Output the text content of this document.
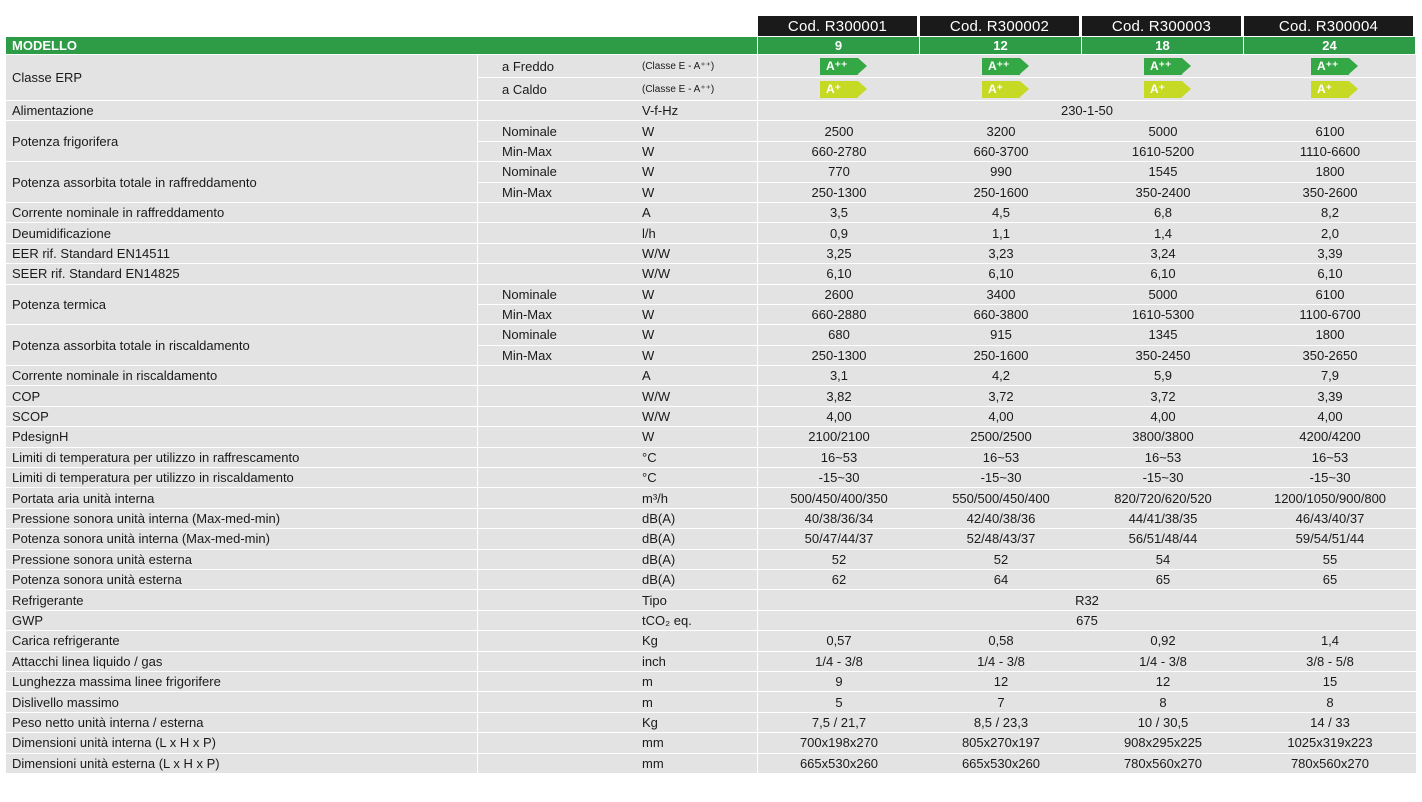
			Cod. R300001	Cod. R300002	Cod. R300003	Cod. R300004
MODELLO			9	12	18	24
Classe ERP	a Freddo	(Classe E - A⁺⁺)	A⁺⁺	A⁺⁺	A⁺⁺	A⁺⁺
	a Caldo	(Classe E - A⁺⁺)	A⁺	A⁺	A⁺	A⁺
Alimentazione		V-f-Hz	230-1-50			
Potenza frigorifera	Nominale	W	2500	3200	5000	6100
	Min-Max	W	660-2780	660-3700	1610-5200	1110-6600
Potenza assorbita totale in raffreddamento	Nominale	W	770	990	1545	1800
	Min-Max	W	250-1300	250-1600	350-2400	350-2600
Corrente nominale in raffreddamento		A	3,5	4,5	6,8	8,2
Deumidificazione		l/h	0,9	1,1	1,4	2,0
EER rif. Standard EN14511		W/W	3,25	3,23	3,24	3,39
SEER rif. Standard EN14825		W/W	6,10	6,10	6,10	6,10
Potenza termica	Nominale	W	2600	3400	5000	6100
	Min-Max	W	660-2880	660-3800	1610-5300	1100-6700
Potenza assorbita totale in riscaldamento	Nominale	W	680	915	1345	1800
	Min-Max	W	250-1300	250-1600	350-2450	350-2650
Corrente nominale in riscaldamento		A	3,1	4,2	5,9	7,9
COP		W/W	3,82	3,72	3,72	3,39
SCOP		W/W	4,00	4,00	4,00	4,00
PdesignH		W	2100/2100	2500/2500	3800/3800	4200/4200
Limiti di temperatura per utilizzo in raffrescamento		°C	16~53	16~53	16~53	16~53
Limiti di temperatura per utilizzo in riscaldamento		°C	-15~30	-15~30	-15~30	-15~30
Portata aria unità interna		m³/h	500/450/400/350	550/500/450/400	820/720/620/520	1200/1050/900/800
Pressione sonora unità interna (Max-med-min)		dB(A)	40/38/36/34	42/40/38/36	44/41/38/35	46/43/40/37
Potenza sonora unità interna (Max-med-min)		dB(A)	50/47/44/37	52/48/43/37	56/51/48/44	59/54/51/44
Pressione sonora unità esterna		dB(A)	52	52	54	55
Potenza sonora unità esterna		dB(A)	62	64	65	65
Refrigerante		Tipo	R32			
GWP		tCO₂ eq.	675			
Carica refrigerante		Kg	0,57	0,58	0,92	1,4
Attacchi linea liquido / gas		inch	1/4 - 3/8	1/4 - 3/8	1/4 - 3/8	3/8 - 5/8
Lunghezza massima linee frigorifere		m	9	12	12	15
Dislivello massimo		m	5	7	8	8
Peso netto unità interna / esterna		Kg	7,5 / 21,7	8,5 / 23,3	10 / 30,5	14 / 33
Dimensioni unità interna (L x H x P)		mm	700x198x270	805x270x197	908x295x225	1025x319x223
Dimensioni unità esterna (L x H x P)		mm	665x530x260	665x530x260	780x560x270	780x560x270
